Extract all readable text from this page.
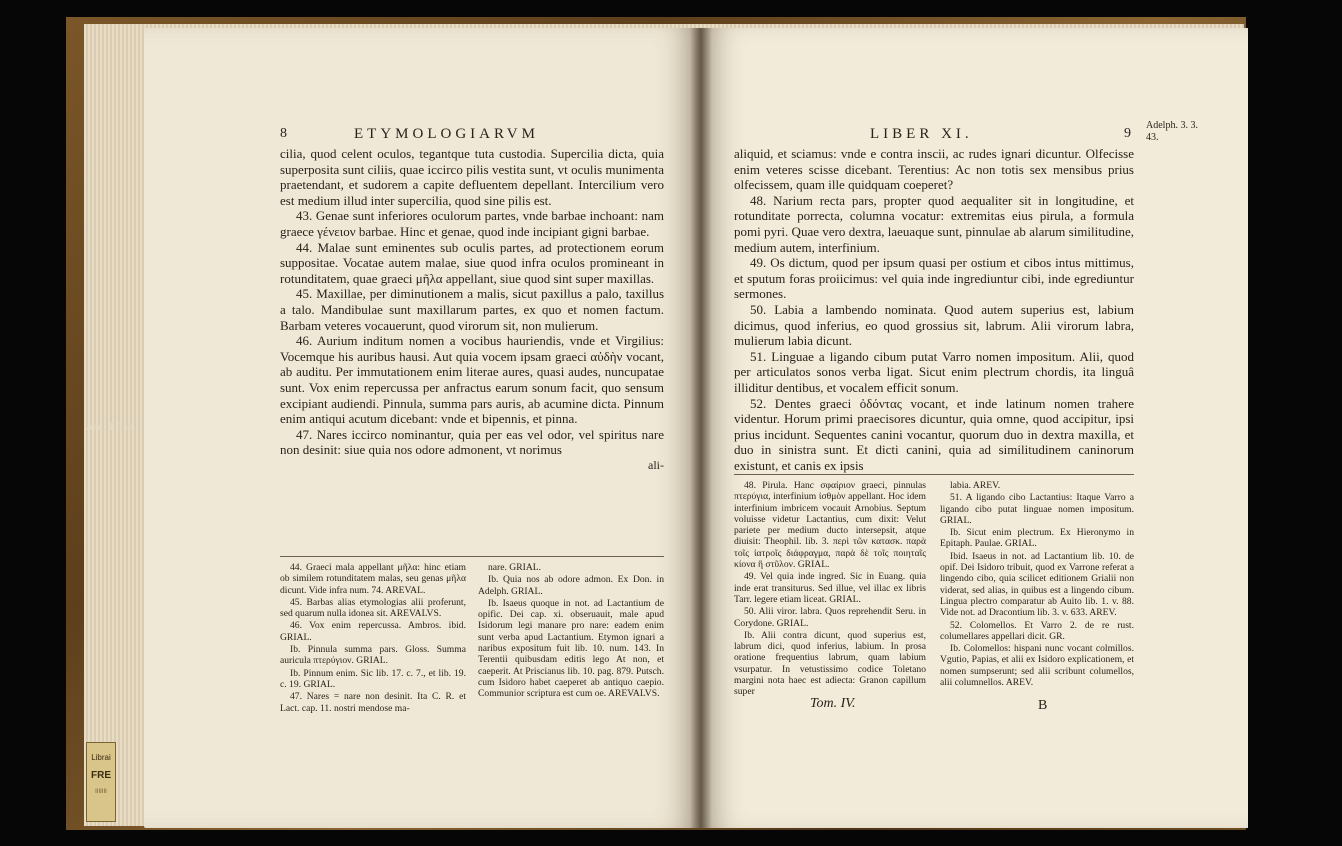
Librai
FRE
IIIIIII
8	ETYMOLOGIARVM

cilia, quod celent oculos, tegantque tuta custodia. Supercilia dicta, quia superposita sunt ciliis, quae iccirco pilis vestita sunt, vt oculis munimenta praetendant, et sudorem a capite defluentem depellant. Intercilium vero est medium illud inter supercilia, quod sine pilis est.

43. Genae sunt inferiores oculorum partes, vnde barbae inchoant: nam graece γένειον barbae. Hinc et genae, quod inde incipiant gigni barbae.

44. Malae sunt eminentes sub oculis partes, ad protectionem eorum suppositae. Vocatae autem malae, siue quod infra oculos promineant in rotunditatem, quae graeci μῆλα appellant, siue quod sint super maxillas.

45. Maxillae, per diminutionem a malis, sicut paxillus a palo, taxillus a talo. Mandibulae sunt maxillarum partes, ex quo et nomen factum. Barbam veteres vocauerunt, quod virorum sit, non mulierum.

46. Aurium inditum nomen a vocibus hauriendis, vnde et Virgilius: Vocemque his auribus hausi. Aut quia vocem ipsam graeci αὐδὴν vocant, ab auditu. Per immutationem enim literae aures, quasi audes, nuncupatae sunt. Vox enim repercussa per anfractus earum sonum facit, quo sensum excipiant audiendi. Pinnula, summa pars auris, ab acumine dicta. Pinnum enim antiqui acutum dicebant: vnde et bipennis, et pinna.

47. Nares iccirco nominantur, quia per eas vel odor, vel spiritus nare non desinit: siue quia nos odore admonent, vt norimus

ali-

44. Graeci mala appellant μῆλα: hinc etiam ob similem rotunditatem malas, seu genas μῆλα dicunt. Vide infra num. 74. AREVAL.

45. Barbas alias etymologias alii proferunt, sed quarum nulla idonea sit. AREVALVS.

46. Vox enim repercussa. Ambros. ibid. GRIAL.

Ib. Pinnula summa pars. Gloss. Summa auricula πτερύγιον. GRIAL.

Ib. Pinnum enim. Sic lib. 17. c. 7., et lib. 19. c. 19. GRIAL.

47. Nares = nare non desinit. Ita C. R. et Lact. cap. 11. nostri mendose ma-

nare. GRIAL.

Ib. Quia nos ab odore admon. Ex Don. in Adelph. GRIAL.

Ib. Isaeus quoque in not. ad Lactantium de opific. Dei cap. xi. obseruauit, male apud Isidorum legi manare pro nare: eadem enim sunt verba apud Lactantium. Etymon ignari a naribus expositum fuit lib. 10. num. 143. In Terentii quibusdam editis lego At non, et caeperit. At Priscianus lib. 10. pag. 879. Putsch. cum Isidoro habet caeperet ab antiquo caepio. Communior scriptura est cum oe. AREVALVS.

Aen. 4. 359.
LIBER XI.	9

aliquid, et sciamus: vnde e contra inscii, ac rudes ignari dicuntur. Olfecisse enim veteres scisse dicebant. Terentius: Ac non totis sex mensibus prius olfecissem, quam ille quidquam coeperet?

48. Narium recta pars, propter quod aequaliter sit in longitudine, et rotunditate porrecta, columna vocatur: extremitas eius pirula, a formula pomi pyri. Quae vero dextra, laeuaque sunt, pinnulae ab alarum similitudine, medium autem, interfinium.

49. Os dictum, quod per ipsum quasi per ostium et cibos intus mittimus, et sputum foras proiicimus: vel quia inde ingrediuntur cibi, inde egrediuntur sermones.

50. Labia a lambendo nominata. Quod autem superius est, labium dicimus, quod inferius, eo quod grossius sit, labrum. Alii virorum labra, mulierum labia dicunt.

51. Linguae a ligando cibum putat Varro nomen impositum. Alii, quod per articulatos sonos verba ligat. Sicut enim plectrum chordis, ita linguâ illiditur dentibus, et vocalem efficit sonum.

52. Dentes graeci ὀδόντας vocant, et inde latinum nomen trahere videntur. Horum primi praecisores dicuntur, quia omne, quod accipitur, ipsi prius incidunt. Sequentes canini vocantur, quorum duo in dextra maxilla, et duo in sinistra sunt. Et dicti canini, quia ad similitudinem caninorum existunt, et canis ex ipsis

48. Pirula. Hanc σφαίριον graeci, pinnulas πτερύγια, interfinium ἰσθμὸν appellant. Hoc idem interfinium imbricem vocauit Arnobius. Septum voluisse videtur Lactantius, cum dixit: Velut pariete per medium ducto intersepsit, atque diuisit: Theophil. lib. 3. περὶ τῶν κατασκ. παρὰ τοῖς ἰατροῖς διάφραγμα, παρὰ δὲ τοῖς ποιηταῖς κίονα ἢ στῦλον. GRIAL.

49. Vel quia inde ingred. Sic in Euang. quia inde erat transiturus. Sed illue, vel illac ex libris Tarr. legere etiam liceat. GRIAL.

50. Alii viror. labra. Quos reprehendit Seru. in Corydone. GRIAL.

Ib. Alii contra dicunt, quod superius est, labrum dici, quod inferius, labium. In prosa oratione frequentius labrum, quam labium vsurpatur. In vetustissimo codice Toletano margini nota haec est adiecta: Granon capillum super

labia. AREV.

51. A ligando cibo Lactantius: Itaque Varro a ligando cibo putat linguae nomen impositum. GRIAL.

Ib. Sicut enim plectrum. Ex Hieronymo in Epitaph. Paulae. GRIAL.

Ibid. Isaeus in not. ad Lactantium lib. 10. de opif. Dei Isidoro tribuit, quod ex Varrone referat a lingendo cibo, quia scilicet editionem Grialii non viderat, sed alias, in quibus est a lingendo cibum. Lingua plectro comparatur ab Auito lib. 1. v. 88. Vide not. ad Dracontium lib. 3. v. 633. AREV.

52. Colomellos. Et Varro 2. de re rust. columellares appellari dicit. GR.

Ib. Colomellos: hispani nunc vocant colmillos. Vgutio, Papias, et alii ex Isidoro explicationem, et nomen sumpserunt; sed alii scribunt columellos, alii columnellos. AREV.

Tom. IV.	B
Adelph. 3. 3. 43.
